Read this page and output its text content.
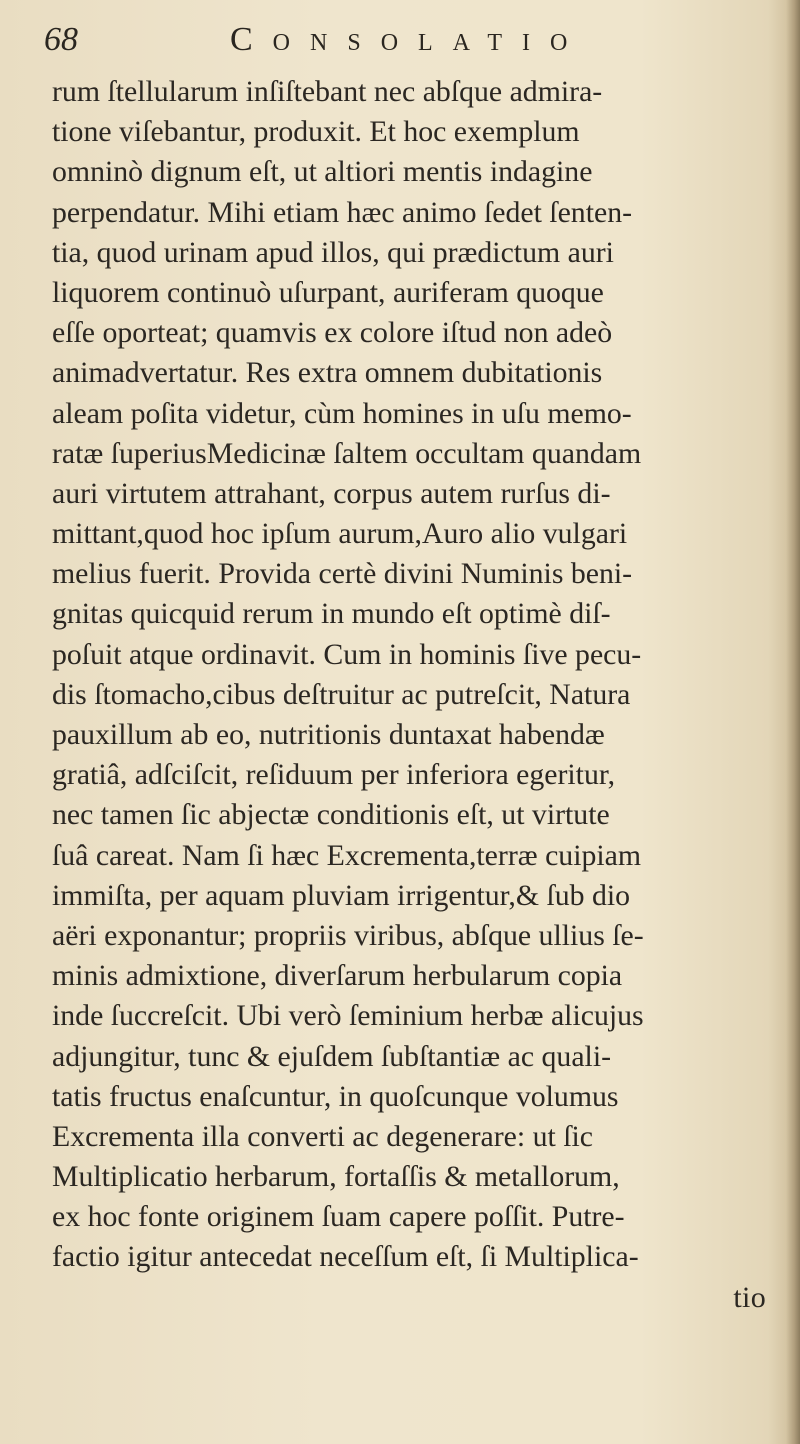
68	Consolatio
rum ſtellularum inſiſtebant nec abſque admira-
tione viſebantur, produxit. Et hoc exemplum
omninò dignum eſt, ut altiori mentis indagine
perpendatur. Mihi etiam hæc animo ſedet ſenten-
tia, quod urinam apud illos, qui prædictum auri
liquorem continuò uſurpant, auriferam quoque
eſſe oporteat; quamvis ex colore iſtud non adeò
animadvertatur. Res extra omnem dubitationis
aleam poſita videtur, cùm homines in uſu memo-
ratæ ſuperiusMedicinæ ſaltem occultam quandam
auri virtutem attrahant, corpus autem rurſus di-
mittant,quod hoc ipſum aurum,Auro alio vulgari
melius fuerit. Provida certè divini Numinis beni-
gnitas quicquid rerum in mundo eſt optimè diſ-
poſuit atque ordinavit. Cum in hominis ſive pecu-
dis ſtomacho,cibus deſtruitur ac putreſcit, Natura
pauxillum ab eo, nutritionis duntaxat habendæ
gratiâ, adſciſcit, reſiduum per inferiora egeritur,
nec tamen ſic abjectæ conditionis eſt, ut virtute
ſuâ careat. Nam ſi hæc Excrementa,terræ cuipiam
immiſta, per aquam pluviam irrigentur,& ſub dio
aëri exponantur; propriis viribus, abſque ullius ſe-
minis admixtione, diverſarum herbularum copia
inde ſuccreſcit. Ubi verò ſeminium herbæ alicujus
adjungitur, tunc & ejuſdem ſubſtantiæ ac quali-
tatis fructus enaſcuntur, in quoſcunque volumus
Excrementa illa converti ac degenerare: ut ſic
Multiplicatio herbarum, fortaſſis & metallorum,
ex hoc fonte originem ſuam capere poſſit. Putre-
factio igitur antecedat neceſſum eſt, ſi Multiplica-
tio
